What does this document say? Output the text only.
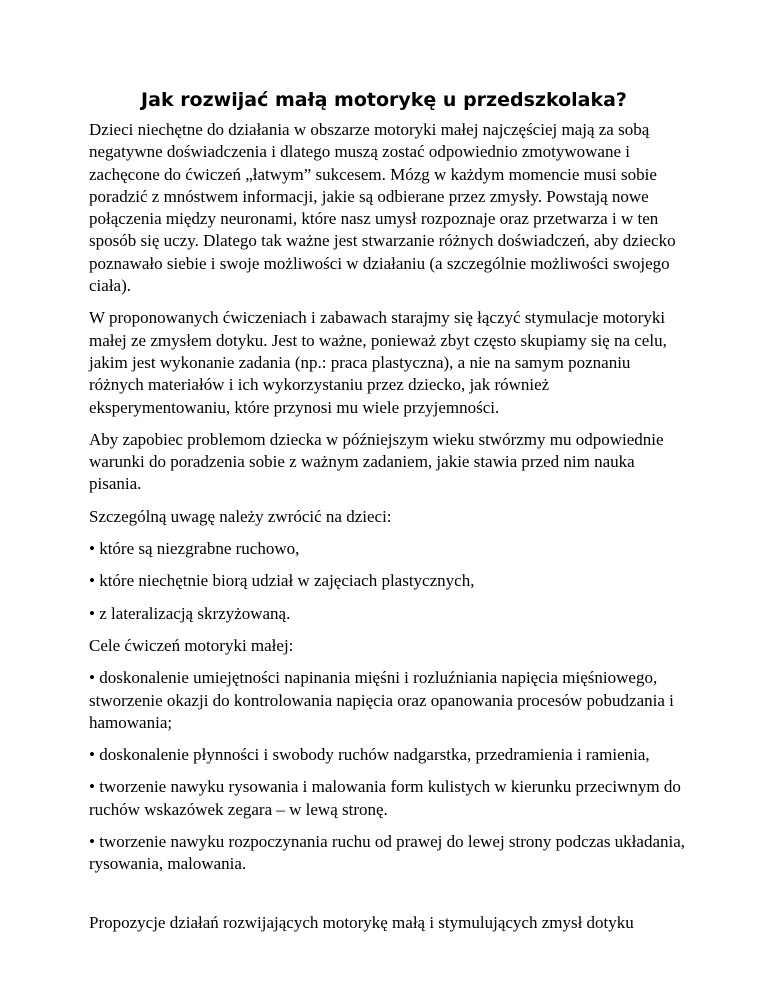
Jak rozwijać małą motorykę u przedszkolaka?

Dzieci niechętne do działania w obszarze motoryki małej najczęściej mają za sobą negatywne doświadczenia i dlatego muszą zostać odpowiednio zmotywowane i zachęcone do ćwiczeń „łatwym” sukcesem. Mózg w każdym momencie musi sobie poradzić z mnóstwem informacji, jakie są odbierane przez zmysły. Powstają nowe połączenia między neuronami, które nasz umysł rozpoznaje oraz przetwarza i w ten sposób się uczy. Dlatego tak ważne jest stwarzanie różnych doświadczeń, aby dziecko poznawało siebie i swoje możliwości w działaniu (a szczególnie możliwości swojego ciała).

W proponowanych ćwiczeniach i zabawach starajmy się łączyć stymulacje motoryki małej ze zmysłem dotyku. Jest to ważne, ponieważ zbyt często skupiamy się na celu, jakim jest wykonanie zadania (np.: praca plastyczna), a nie na samym poznaniu różnych materiałów i ich wykorzystaniu przez dziecko, jak również eksperymentowaniu, które przynosi mu wiele przyjemności.

Aby zapobiec problemom dziecka w późniejszym wieku stwórzmy mu odpowiednie warunki do poradzenia sobie z ważnym zadaniem, jakie stawia przed nim nauka pisania.

Szczególną uwagę należy zwrócić na dzieci:

• które są niezgrabne ruchowo,

• które niechętnie biorą udział w zajęciach plastycznych,

• z lateralizacją skrzyżowaną.

Cele ćwiczeń motoryki małej:

• doskonalenie umiejętności napinania mięśni i rozluźniania napięcia mięśniowego, stworzenie okazji do kontrolowania napięcia oraz opanowania procesów pobudzania i hamowania;

• doskonalenie płynności i swobody ruchów nadgarstka, przedramienia i ramienia,

• tworzenie nawyku rysowania i malowania form kulistych w kierunku przeciwnym do ruchów wskazówek zegara – w lewą stronę.

• tworzenie nawyku rozpoczynania ruchu od prawej do lewej strony podczas układania, rysowania, malowania.

Propozycje działań rozwijających motorykę małą i stymulujących zmysł dotyku
